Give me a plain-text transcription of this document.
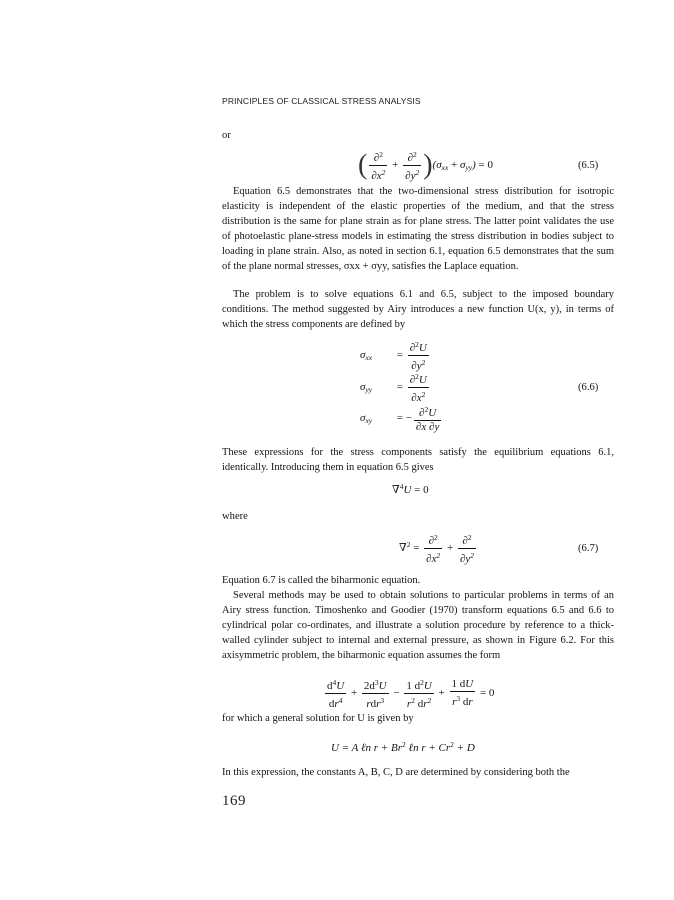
PRINCIPLES OF CLASSICAL STRESS ANALYSIS
or
( $\frac{\partial^2}{\partial x^2} + \frac{\partial^2}{\partial y^2} )(\sigma_{xx} + \sigma_{yy}) = 0$	(6.5)

Equation 6.5 demonstrates that the two-dimensional stress distribution for isotropic elasticity is independent of the elastic properties of the medium, and that the stress distribution is the same for plane strain as for plane stress. The latter point validates the use of photoelastic plane-stress models in estimating the stress distribution in bodies subject to loading in plane strain. Also, as noted in section 6.1, equation 6.5 demonstrates that the sum of the plane normal stresses, σxx + σyy, satisfies the Laplace equation.

The problem is to solve equations 6.1 and 6.5, subject to the imposed boundary conditions. The method suggested by Airy introduces a new function U(x, y), in terms of which the stress components are defined by

$\sigma_{xx} = \frac{\partial^2U}{\partial y^2}$
$\sigma_{yy} = \frac{\partial^2U}{\partial x^2}$
$\sigma_{xy}$ = − $\frac{\partial^2U}{\partial x \partial y}$
(6.6)

These expressions for the stress components satisfy the equilibrium equations 6.1, identically. Introducing them in equation 6.5 gives

∇$^4$U = 0
where
$\nabla^2 = \frac{\partial^2}{\partial x^2} + \frac{\partial^2}{\partial y^2}$	(6.7)

Equation 6.7 is called the biharmonic equation.

Several methods may be used to obtain solutions to particular problems in terms of an Airy stress function. Timoshenko and Goodier (1970) transform equations 6.5 and 6.6 to cylindrical polar co-ordinates, and illustrate a solution procedure by reference to a thick-walled cylinder subject to internal and external pressure, as shown in Figure 6.2. For this axisymmetric problem, the biharmonic equation assumes the form

$\frac{d^4U}{dr^4} + \frac{2d^3U}{rdr^3} - \frac{1 d^2U}{r^2 dr^2} + \frac{1 dU}{r^3 dr} = 0$

for which a general solution for U is given by

U = A ℓn $r + Br^2$ ℓn $r + Cr^2 + D$

In this expression, the constants A, B, C, D are determined by considering both the

169
